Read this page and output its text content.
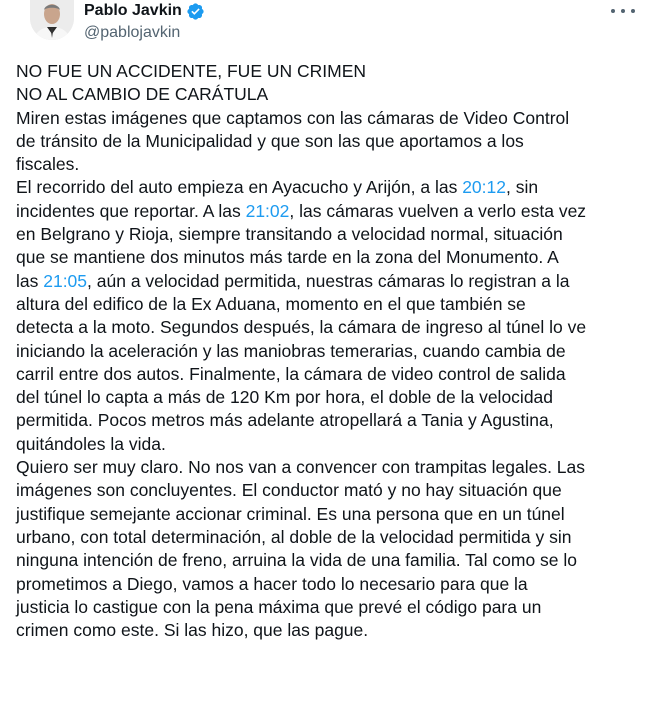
Pablo Javkin
@pablojavkin
NO FUE UN ACCIDENTE, FUE UN CRIMEN
NO AL CAMBIO DE CARÁTULA
Miren estas imágenes que captamos con las cámaras de Video Control
de tránsito de la Municipalidad y que son las que aportamos a los
fiscales.
El recorrido del auto empieza en Ayacucho y Arijón, a las 20:12, sin
incidentes que reportar. A las 21:02, las cámaras vuelven a verlo esta vez
en Belgrano y Rioja, siempre transitando a velocidad normal, situación
que se mantiene dos minutos más tarde en la zona del Monumento. A
las 21:05, aún a velocidad permitida, nuestras cámaras lo registran a la
altura del edifico de la Ex Aduana, momento en el que también se
detecta a la moto. Segundos después, la cámara de ingreso al túnel lo ve
iniciando la aceleración y las maniobras temerarias, cuando cambia de
carril entre dos autos. Finalmente, la cámara de video control de salida
del túnel lo capta a más de 120 Km por hora, el doble de la velocidad
permitida. Pocos metros más adelante atropellará a Tania y Agustina,
quitándoles la vida.
Quiero ser muy claro. No nos van a convencer con trampitas legales. Las
imágenes son concluyentes. El conductor mató y no hay situación que
justifique semejante accionar criminal. Es una persona que en un túnel
urbano, con total determinación, al doble de la velocidad permitida y sin
ninguna intención de freno, arruina la vida de una familia. Tal como se lo
prometimos a Diego, vamos a hacer todo lo necesario para que la
justicia lo castigue con la pena máxima que prevé el código para un
crimen como este. Si las hizo, que las pague.
